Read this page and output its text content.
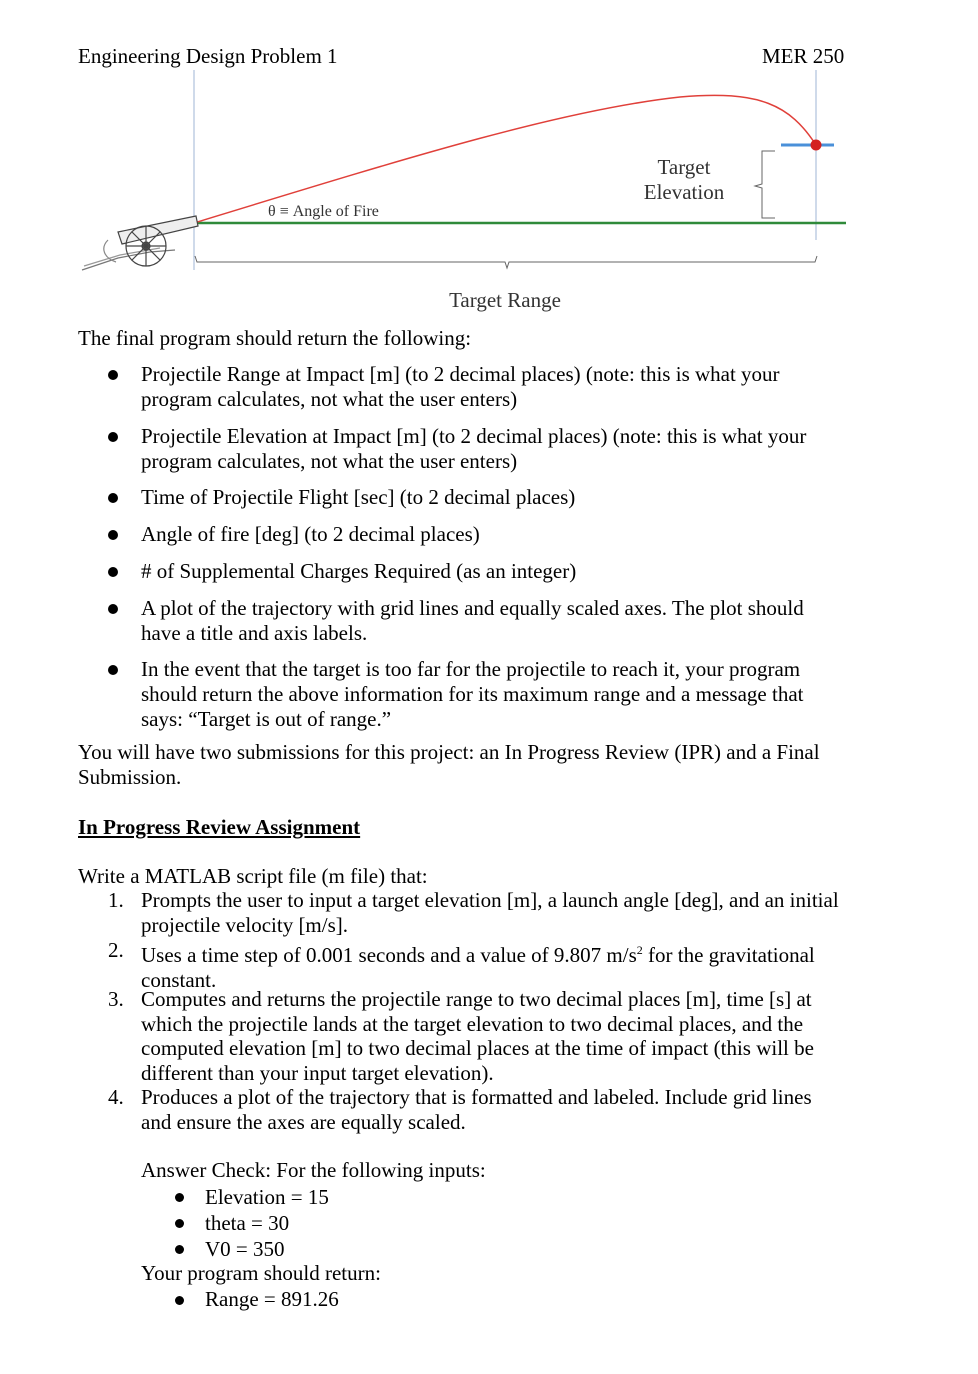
Engineering Design Problem 1	MER 250
θ ≡ Angle of Fire
Target
Elevation
Target Range
The final program should return the following:
Projectile Range at Impact [m] (to 2 decimal places) (note: this is what your program calculates, not what the user enters)
Projectile Elevation at Impact [m] (to 2 decimal places) (note: this is what your program calculates, not what the user enters)
Time of Projectile Flight [sec] (to 2 decimal places)
Angle of fire [deg] (to 2 decimal places)
# of Supplemental Charges Required (as an integer)
A plot of the trajectory with grid lines and equally scaled axes. The plot should have a title and axis labels.
In the event that the target is too far for the projectile to reach it, your program should return the above information for its maximum range and a message that says: “Target is out of range.”
You will have two submissions for this project: an In Progress Review (IPR) and a Final Submission.
In Progress Review Assignment
Write a MATLAB script file (m file) that:
1. Prompts the user to input a target elevation [m], a launch angle [deg], and an initial projectile velocity [m/s].
2. Uses a time step of 0.001 seconds and a value of 9.807 $m/s^2$ for the gravitational constant.
3. Computes and returns the projectile range to two decimal places [m], time [s] at which the projectile lands at the target elevation to two decimal places, and the computed elevation [m] to two decimal places at the time of impact (this will be different than your input target elevation).
4. Produces a plot of the trajectory that is formatted and labeled. Include grid lines and ensure the axes are equally scaled.
Answer Check: For the following inputs:
Elevation = 15
theta = 30
V0 = 350
Your program should return:
Range = 891.26
